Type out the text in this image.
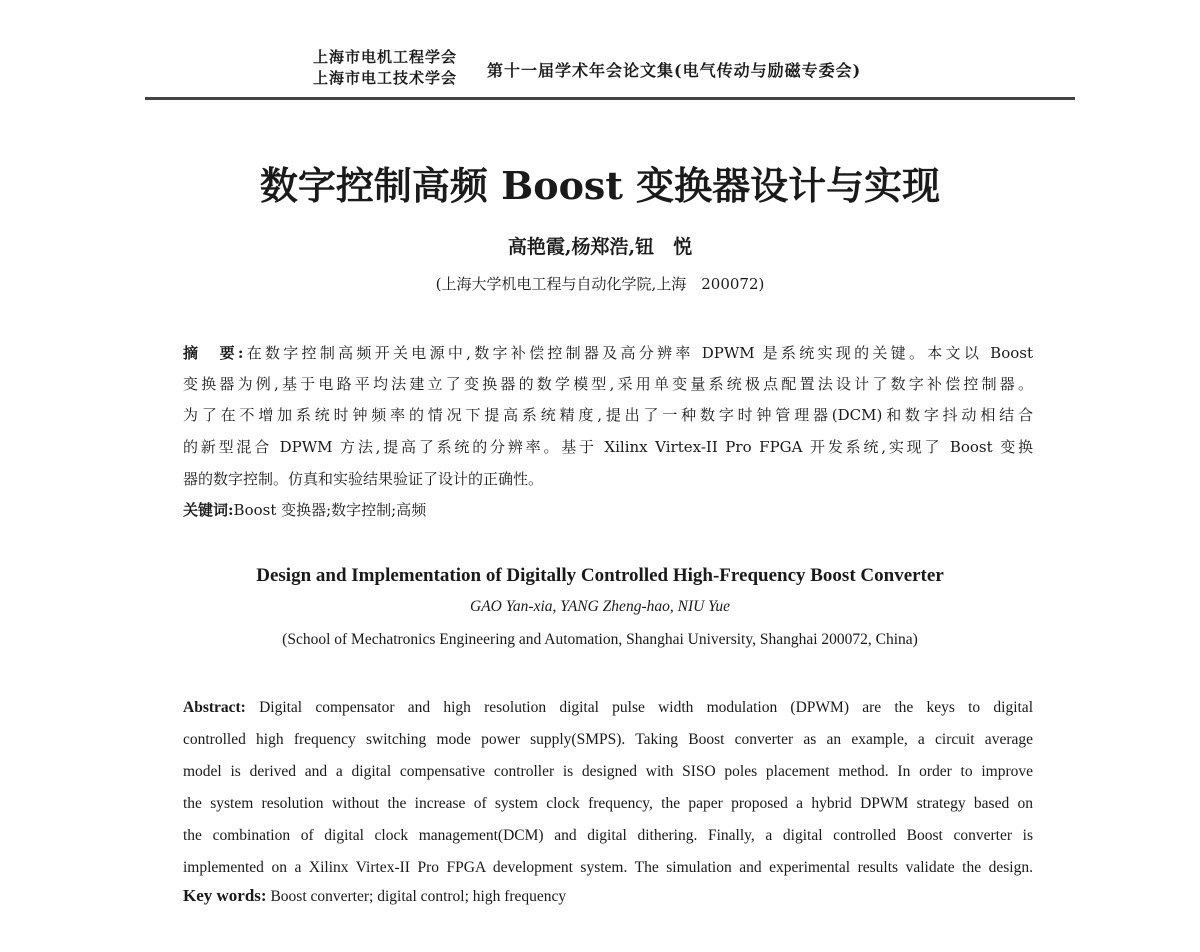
上海市电机工程学会
上海市电工技术学会 第十一届学术年会论文集(电气传动与励磁专委会)
数字控制高频 Boost 变换器设计与实现
高艳霞,杨郑浩,钮　悦
(上海大学机电工程与自动化学院,上海　200072)
摘　要:在数字控制高频开关电源中,数字补偿控制器及高分辨率 DPWM 是系统实现的关键。本文以 Boost
变换器为例,基于电路平均法建立了变换器的数学模型,采用单变量系统极点配置法设计了数字补偿控制器。
为了在不增加系统时钟频率的情况下提高系统精度,提出了一种数字时钟管理器(DCM)和数字抖动相结合
的新型混合 DPWM 方法,提高了系统的分辨率。基于 Xilinx Virtex-II Pro FPGA 开发系统,实现了 Boost 变换
器的数字控制。仿真和实验结果验证了设计的正确性。
关键词:Boost 变换器;数字控制;高频
Design and Implementation of Digitally Controlled High-Frequency Boost Converter
GAO Yan-xia, YANG Zheng-hao, NIU Yue
(School of Mechatronics Engineering and Automation, Shanghai University, Shanghai 200072, China)
Abstract: Digital compensator and high resolution digital pulse width modulation (DPWM) are the keys to digital
controlled high frequency switching mode power supply(SMPS). Taking Boost converter as an example, a circuit average
model is derived and a digital compensative controller is designed with SISO poles placement method. In order to improve
the system resolution without the increase of system clock frequency, the paper proposed a hybrid DPWM strategy based on
the combination of digital clock management(DCM) and digital dithering. Finally, a digital controlled Boost converter is
implemented on a Xilinx Virtex-II Pro FPGA development system. The simulation and experimental results validate the design.
Key words: Boost converter; digital control; high frequency
